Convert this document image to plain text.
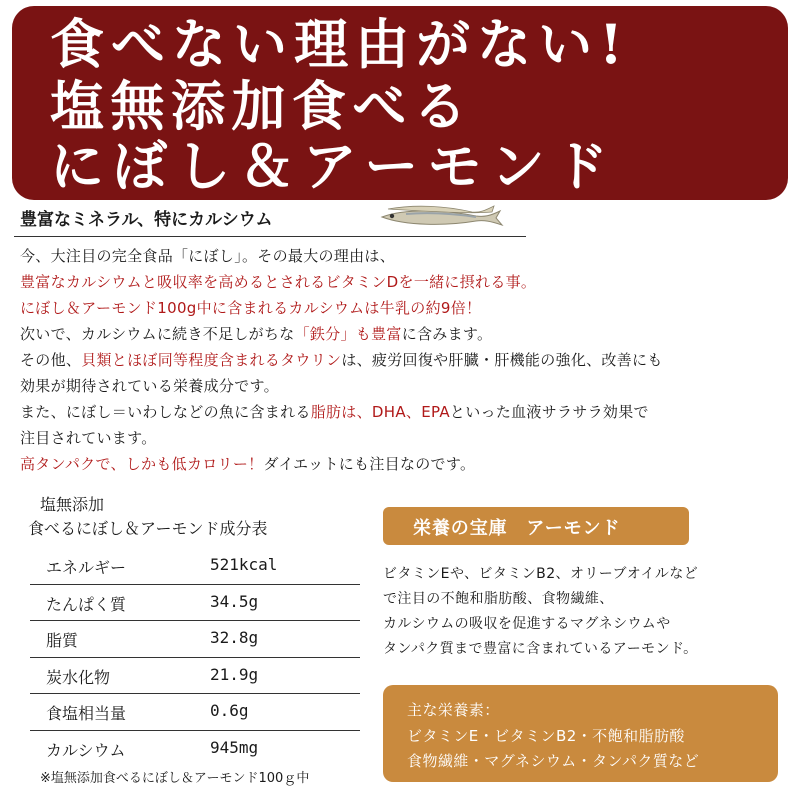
食べない理由がない!
塩無添加食べる
にぼし＆アーモンド
豊富なミネラル、特にカルシウム
今、大注目の完全食品「にぼし」。その最大の理由は、
豊富なカルシウムと吸収率を高めるとされるビタミンDを一緒に摂れる事。
にぼし＆アーモンド100g中に含まれるカルシウムは牛乳の約9倍！
次いで、カルシウムに続き不足しがちな「鉄分」も豊富に含みます。
その他、貝類とほぼ同等程度含まれるタウリンは、疲労回復や肝臓・肝機能の強化、改善にも
効果が期待されている栄養成分です。
また、にぼし＝いわしなどの魚に含まれる脂肪は、DHA、EPAといった血液サラサラ効果で
注目されています。
高タンパクで、しかも低カロリー！ダイエットにも注目なのです。
塩無添加
食べるにぼし＆アーモンド成分表
エネルギー	521kcal
たんぱく質	34.5g
脂質	32.8g
炭水化物	21.9g
食塩相当量	0.6g
カルシウム	945mg
※塩無添加食べるにぼし＆アーモンド100ｇ中
栄養の宝庫　アーモンド
ビタミンEや、ビタミンB2、オリーブオイルなど
で注目の不飽和脂肪酸、食物繊維、
カルシウムの吸収を促進するマグネシウムや
タンパク質まで豊富に含まれているアーモンド。
主な栄養素：
ビタミンE・ビタミンB2・不飽和脂肪酸
食物繊維・マグネシウム・タンパク質など
